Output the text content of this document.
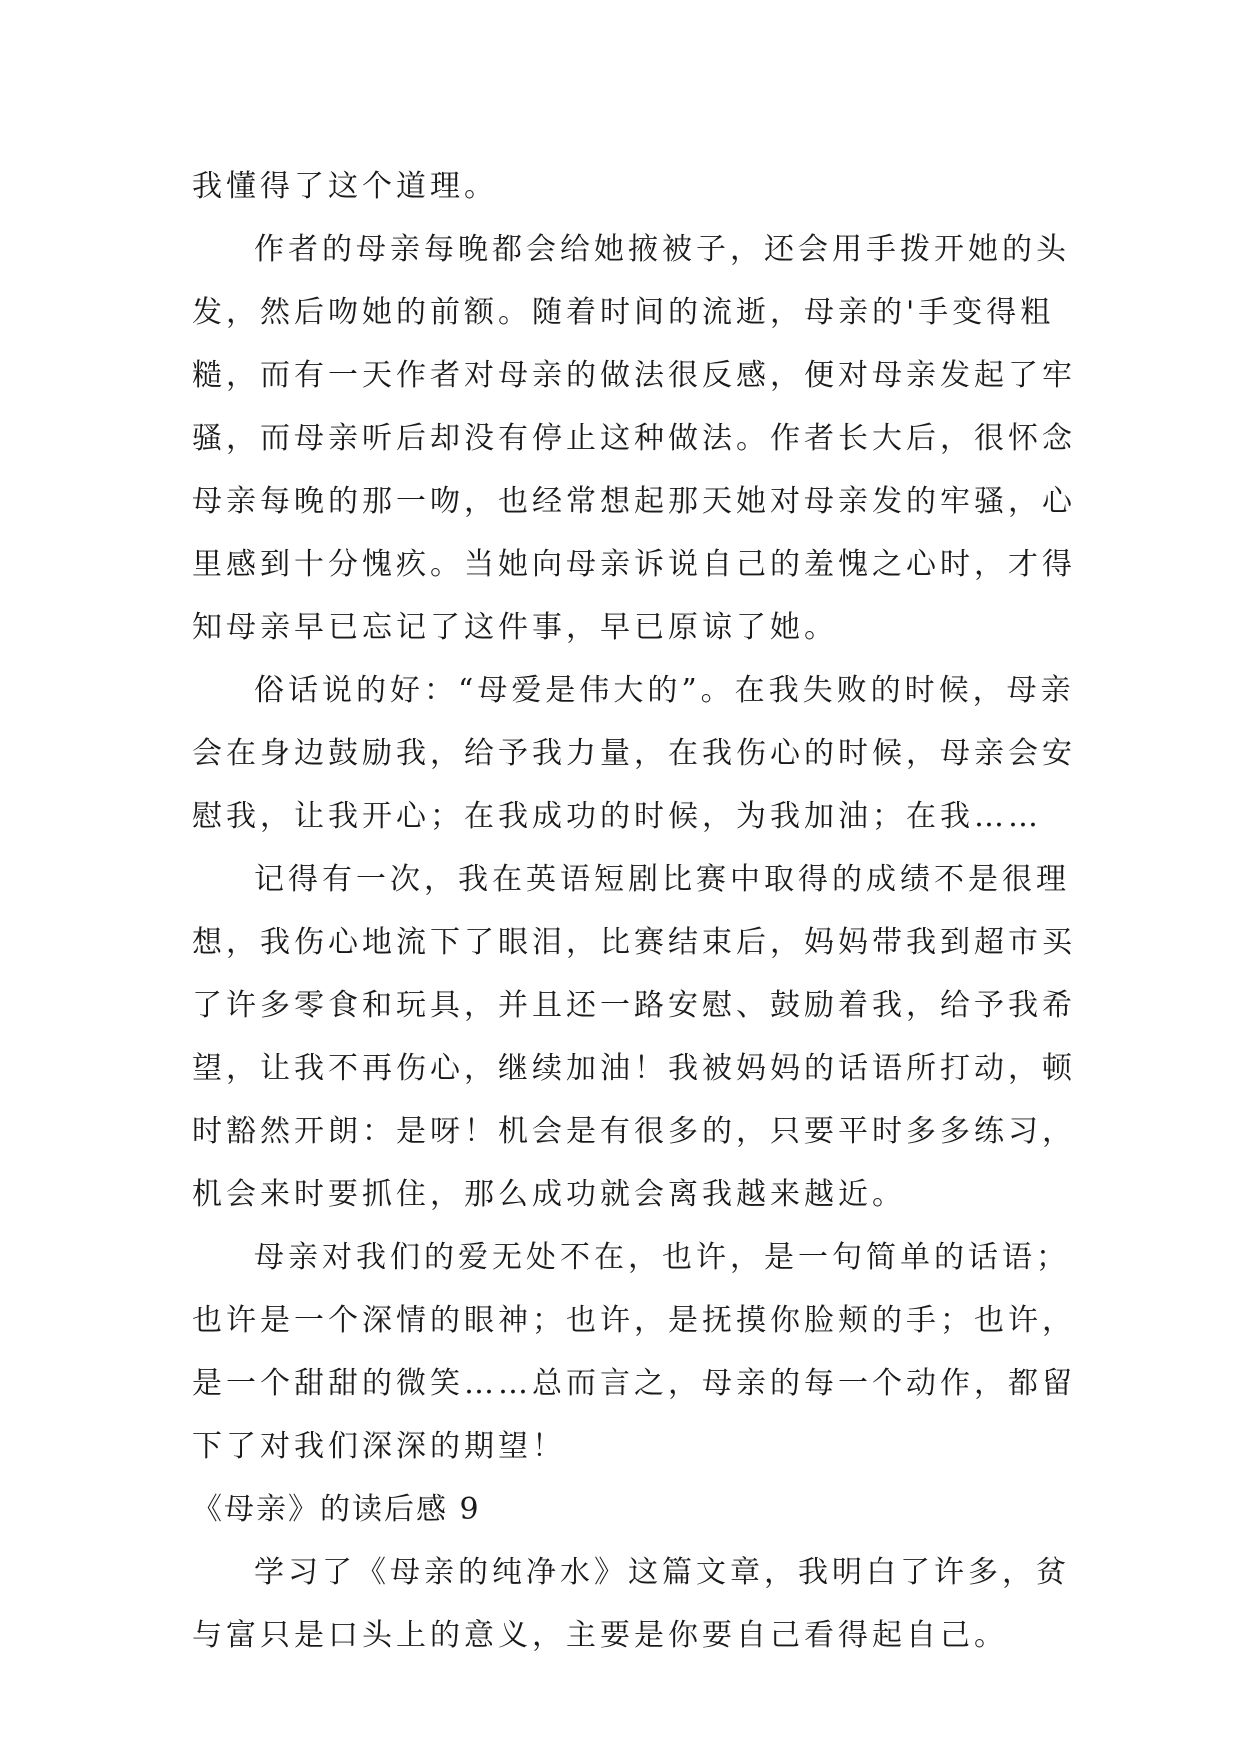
我懂得了这个道理。
作者的母亲每晚都会给她掖被子，还会用手拨开她的头
发，然后吻她的前额。随着时间的流逝，母亲的'手变得粗
糙，而有一天作者对母亲的做法很反感，便对母亲发起了牢
骚，而母亲听后却没有停止这种做法。作者长大后，很怀念
母亲每晚的那一吻，也经常想起那天她对母亲发的牢骚，心
里感到十分愧疚。当她向母亲诉说自己的羞愧之心时，才得
知母亲早已忘记了这件事，早已原谅了她。
俗话说的好：“母爱是伟大的”。在我失败的时候，母亲
会在身边鼓励我，给予我力量，在我伤心的时候，母亲会安
慰我，让我开心；在我成功的时候，为我加油；在我……
记得有一次，我在英语短剧比赛中取得的成绩不是很理
想，我伤心地流下了眼泪，比赛结束后，妈妈带我到超市买
了许多零食和玩具，并且还一路安慰、鼓励着我，给予我希
望，让我不再伤心，继续加油！我被妈妈的话语所打动，顿
时豁然开朗：是呀！机会是有很多的，只要平时多多练习，
机会来时要抓住，那么成功就会离我越来越近。
母亲对我们的爱无处不在，也许，是一句简单的话语；
也许是一个深情的眼神；也许，是抚摸你脸颊的手；也许，
是一个甜甜的微笑……总而言之，母亲的每一个动作，都留
下了对我们深深的期望！
《母亲》的读后感 9
学习了《母亲的纯净水》这篇文章，我明白了许多，贫
与富只是口头上的意义，主要是你要自己看得起自己。
